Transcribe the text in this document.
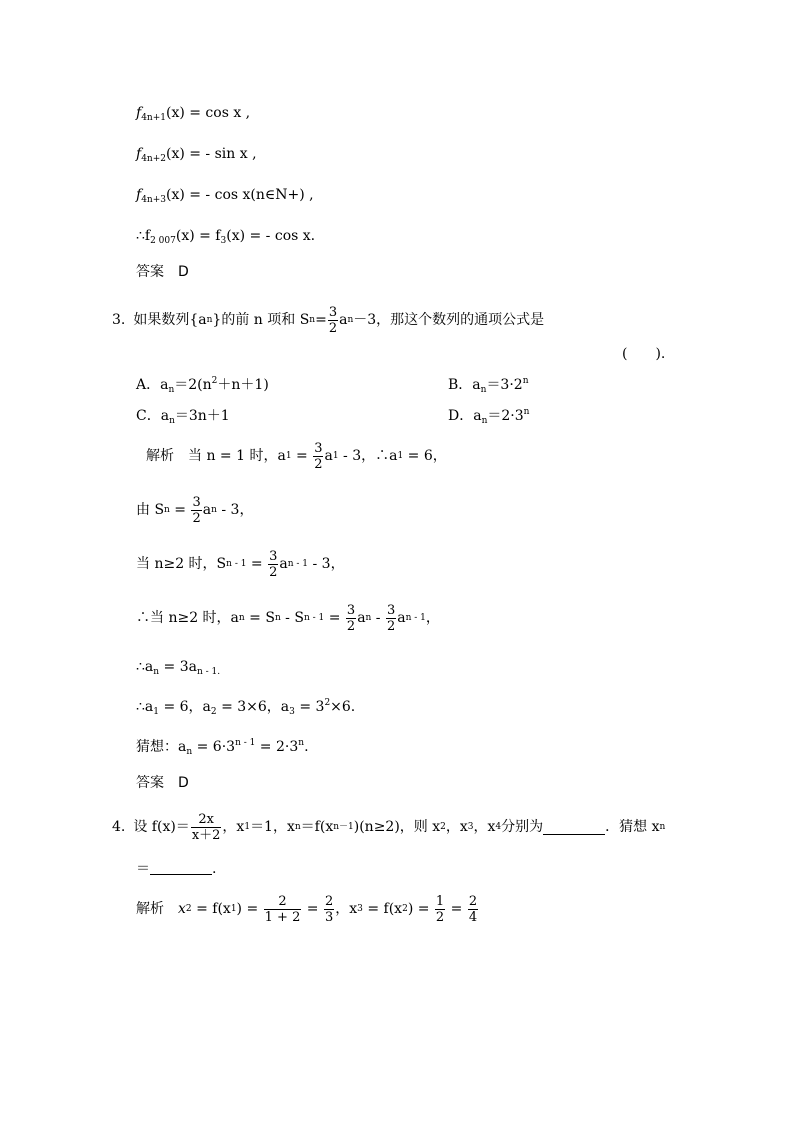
$f_{4n+1}(x) = \cos x$ ,
$f_{4n+2}(x)$ = - sin x ,
$f_{4n+3}(x)$ = - cos x(n∈N+) ,
$\therefore f_{2 007}(x) = f_3(x)$ = - cos x.
答案　D
3. 如果数列{a n }的前 n 项和 S $n = \frac{3}{2}$ a n －3，那这个数列的通项公式是
(　　).
A．$a_n=2(n^2+n+1)$	B．$a_n=3\cdot 2^n$
C．$a_n=3n+1$	D．$a_n=2\cdot 3^n$
解析 当 n = 1 时，a $1 = \frac{3}{2}$ a 1 - 3，∴a 1 = 6，
由 S $n = \frac{3}{2}$ a n - 3，
当 n≥2 时，S $n - 1 = \frac{3}{2}$ a n - 1 - 3，
∴当 n≥2 时，a n = S n - S $n - 1 = \frac{3}{2}$ a n - $\frac{3}{2}$ a n - 1 ，
$\therefore a_n = 3a_{n - 1.}$
$\therefore a_1 = 6$，$a_2 = 3\times 6$，$a_3 = 3^2\times 6$.
猜想：$a_n = 6\cdot 3^{n - 1} = 2\cdot 3^n$.
答案　D
4. 设 $f(x)= \frac{2x}{x+2}$ ，x 1 ＝1，x n ＝f(x n－1 )(n≥2)，则 x 2 ，x 3 ，x 4 分别为	．猜想 x n
＝	.
解析 x 2 = f(x 1 ) = $\frac{2}{1 + 2} = \frac{2}{3}$ ，x 3 = f(x 2 ) = $\frac{1}{2} = \frac{2}{4}$
